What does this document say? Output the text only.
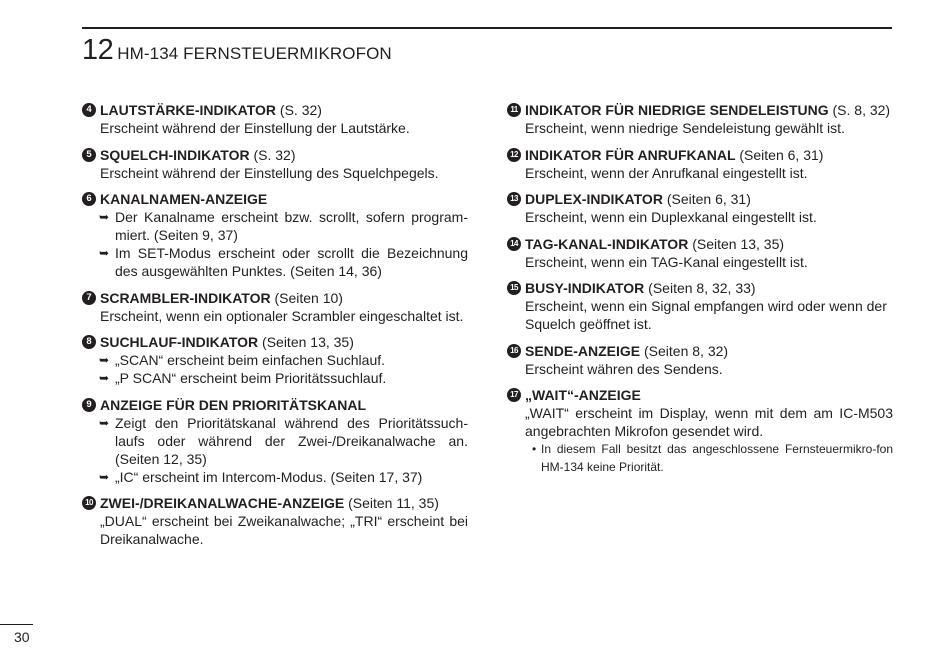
12 HM-134 FERNSTEUERMIKROFON
4 LAUTSTÄRKE-INDIKATOR (S. 32)
Erscheint während der Einstellung der Lautstärke.
5 SQUELCH-INDIKATOR (S. 32)
Erscheint während der Einstellung des Squelchpegels.
6 KANALNAMEN-ANZEIGE
➥ Der Kanalname erscheint bzw. scrollt, sofern program-miert. (Seiten 9, 37)
➥ Im SET-Modus erscheint oder scrollt die Bezeichnung des ausgewählten Punktes. (Seiten 14, 36)
7 SCRAMBLER-INDIKATOR (Seiten 10)
Erscheint, wenn ein optionaler Scrambler eingeschaltet ist.
8 SUCHLAUF-INDIKATOR (Seiten 13, 35)
➥ „SCAN“ erscheint beim einfachen Suchlauf.
➥ „P SCAN“ erscheint beim Prioritätssuchlauf.
9 ANZEIGE FÜR DEN PRIORITÄTSKANAL
➥ Zeigt den Prioritätskanal während des Prioritätssuch-laufs oder während der Zwei-/Dreikanalwache an. (Seiten 12, 35)
➥ „IC“ erscheint im Intercom-Modus. (Seiten 17, 37)
10 ZWEI-/DREIKANALWACHE-ANZEIGE (Seiten 11, 35)
„DUAL“ erscheint bei Zweikanalwache; „TRI“ erscheint bei Dreikanalwache.
11 INDIKATOR FÜR NIEDRIGE SENDELEISTUNG (S. 8, 32)
Erscheint, wenn niedrige Sendeleistung gewählt ist.
12 INDIKATOR FÜR ANRUFKANAL (Seiten 6, 31)
Erscheint, wenn der Anrufkanal eingestellt ist.
13 DUPLEX-INDIKATOR (Seiten 6, 31)
Erscheint, wenn ein Duplexkanal eingestellt ist.
14 TAG-KANAL-INDIKATOR (Seiten 13, 35)
Erscheint, wenn ein TAG-Kanal eingestellt ist.
15 BUSY-INDIKATOR (Seiten 8, 32, 33)
Erscheint, wenn ein Signal empfangen wird oder wenn der Squelch geöffnet ist.
16 SENDE-ANZEIGE (Seiten 8, 32)
Erscheint währen des Sendens.
17 „WAIT“-ANZEIGE
„WAIT“ erscheint im Display, wenn mit dem am IC-M503 angebrachten Mikrofon gesendet wird.
• In diesem Fall besitzt das angeschlossene Fernsteuermikro-fon HM-134 keine Priorität.
30
